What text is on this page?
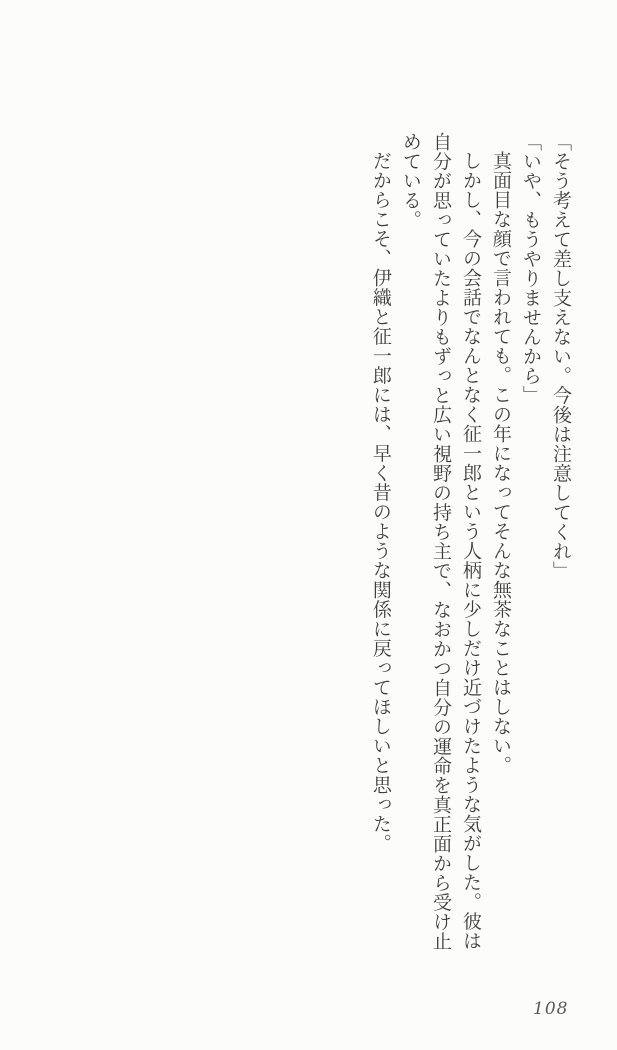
「そう考えて差し支えない。今後は注意してくれ」

「いや、もうやりませんから」

真面目な顔で言われても。この年になってそんな無茶なことはしない。

しかし、今の会話でなんとなく征一郎という人柄に少しだけ近づけたような気がした。彼は自分が思っていたよりもずっと広い視野の持ち主で、なおかつ自分の運命を真正面から受け止めている。

だからこそ、伊織と征一郎には、早く昔のような関係に戻ってほしいと思った。

108
